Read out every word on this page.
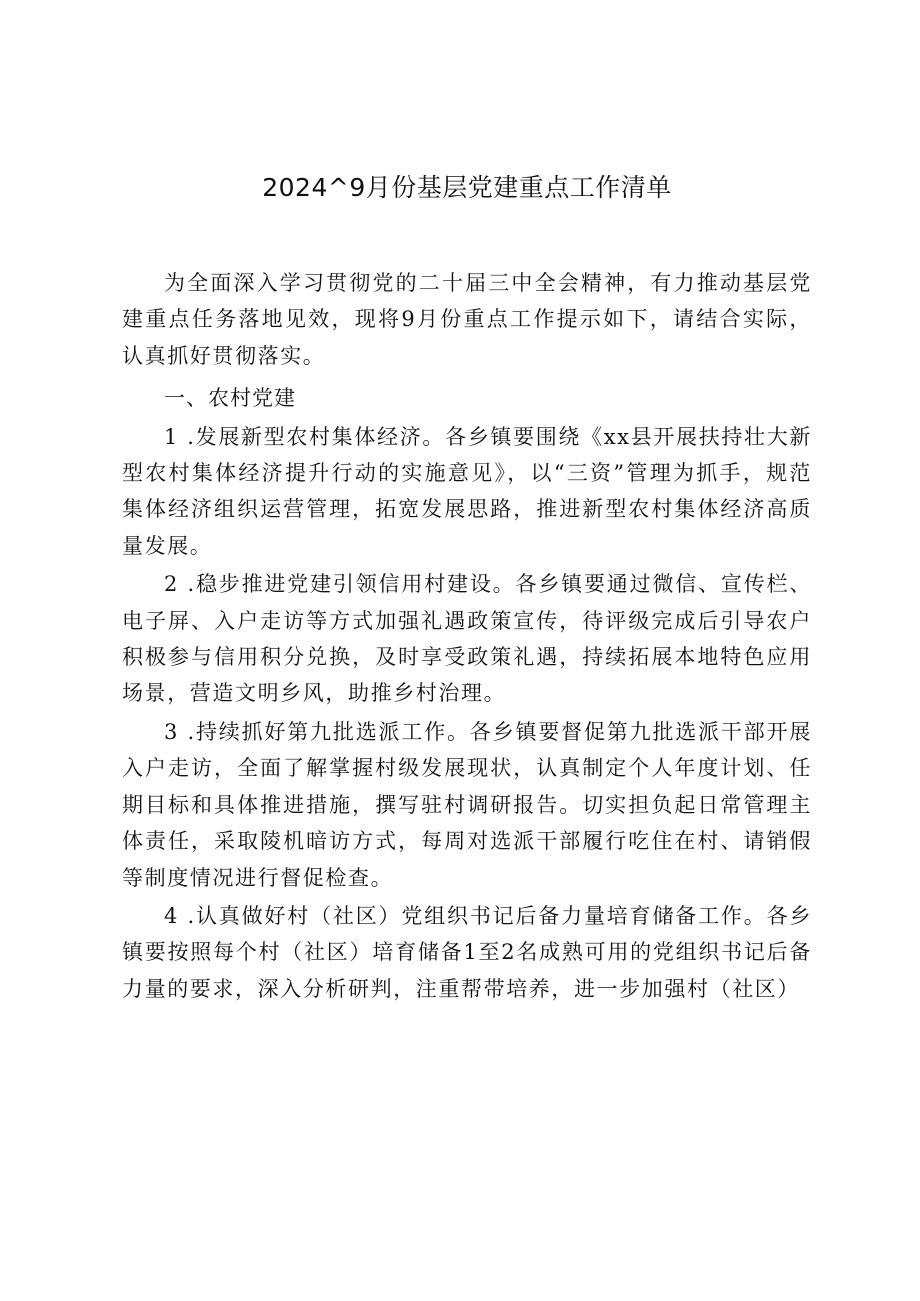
2024^9月份基层党建重点工作清单

为全面深入学习贯彻党的二十届三中全会精神，有力推动基层党建重点任务落地见效，现将9月份重点工作提示如下，请结合实际，认真抓好贯彻落实。

一、农村党建

1 .发展新型农村集体经济。各乡镇要围绕《xx县开展扶持壮大新型农村集体经济提升行动的实施意见》，以“三资”管理为抓手，规范集体经济组织运营管理，拓宽发展思路，推进新型农村集体经济高质量发展。

2 .稳步推进党建引领信用村建设。各乡镇要通过微信、宣传栏、电子屏、入户走访等方式加强礼遇政策宣传，待评级完成后引导农户积极参与信用积分兑换，及时享受政策礼遇，持续拓展本地特色应用场景，营造文明乡风，助推乡村治理。

3 .持续抓好第九批选派工作。各乡镇要督促第九批选派干部开展入户走访，全面了解掌握村级发展现状，认真制定个人年度计划、任期目标和具体推进措施，撰写驻村调研报告。切实担负起日常管理主体责任，采取陵机暗访方式，每周对选派干部履行吃住在村、请销假等制度情况进行督促检查。

4 .认真做好村（社区）党组织书记后备力量培育储备工作。各乡镇要按照每个村（社区）培育储备1至2名成熟可用的党组织书记后备力量的要求，深入分析研判，注重帮带培养，进一步加强村（社区）
